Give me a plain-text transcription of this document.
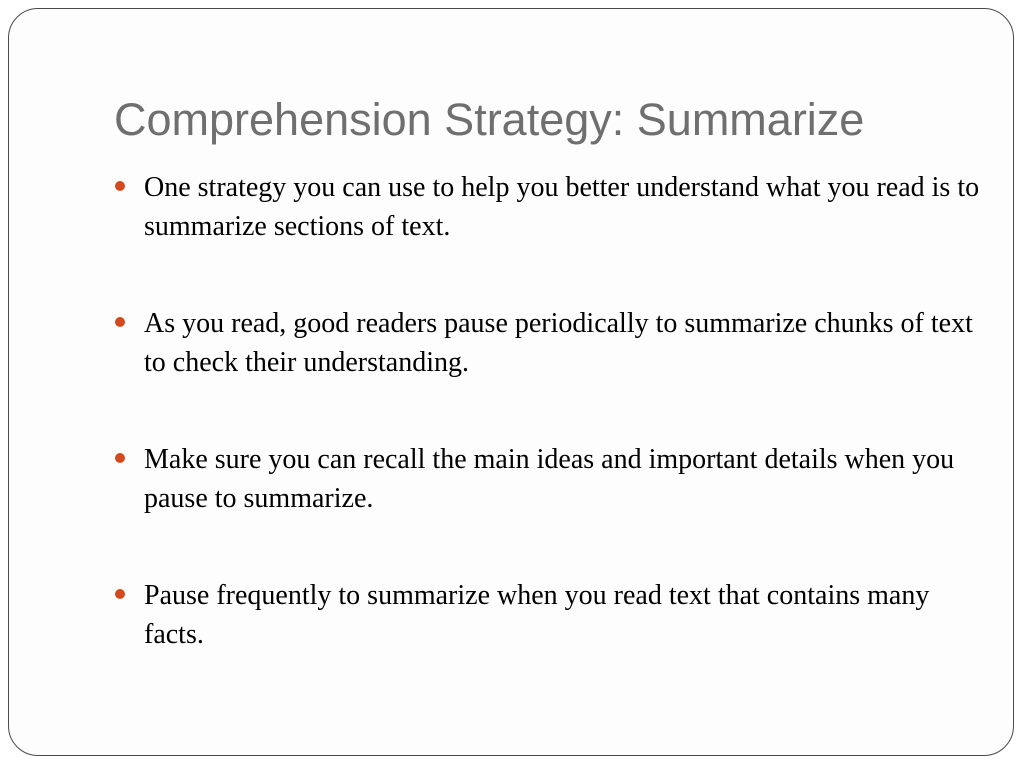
Comprehension Strategy: Summarize
One strategy you can use to help you better understand what you read is to summarize sections of text.
As you read, good readers pause periodically to summarize chunks of text to check their understanding.
Make sure you can recall the main ideas and important details when you pause to summarize.
Pause frequently to summarize when you read text that contains many facts.
